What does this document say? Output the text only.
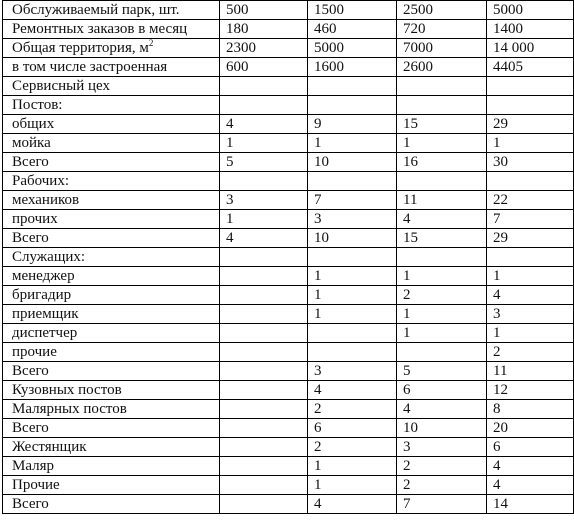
Обслуживаемый парк, шт.	500	1500	2500	5000
Ремонтных заказов в месяц	180	460	720	1400
Общая территория, $м^2$	2300	5000	7000	14 000
в том числе застроенная	600	1600	2600	4405
Сервисный цех				
Постов:				
общих	4	9	15	29
мойка	1	1	1	1
Всего	5	10	16	30
Рабочих:				
механиков	3	7	11	22
прочих	1	3	4	7
Всего	4	10	15	29
Служащих:				
менеджер		1	1	1
бригадир		1	2	4
приемщик		1	1	3
диспетчер			1	1
прочие				2
Всего		3	5	11
Кузовных постов		4	6	12
Малярных постов		2	4	8
Всего		6	10	20
Жестянщик		2	3	6
Маляр		1	2	4
Прочие		1	2	4
Всего		4	7	14
